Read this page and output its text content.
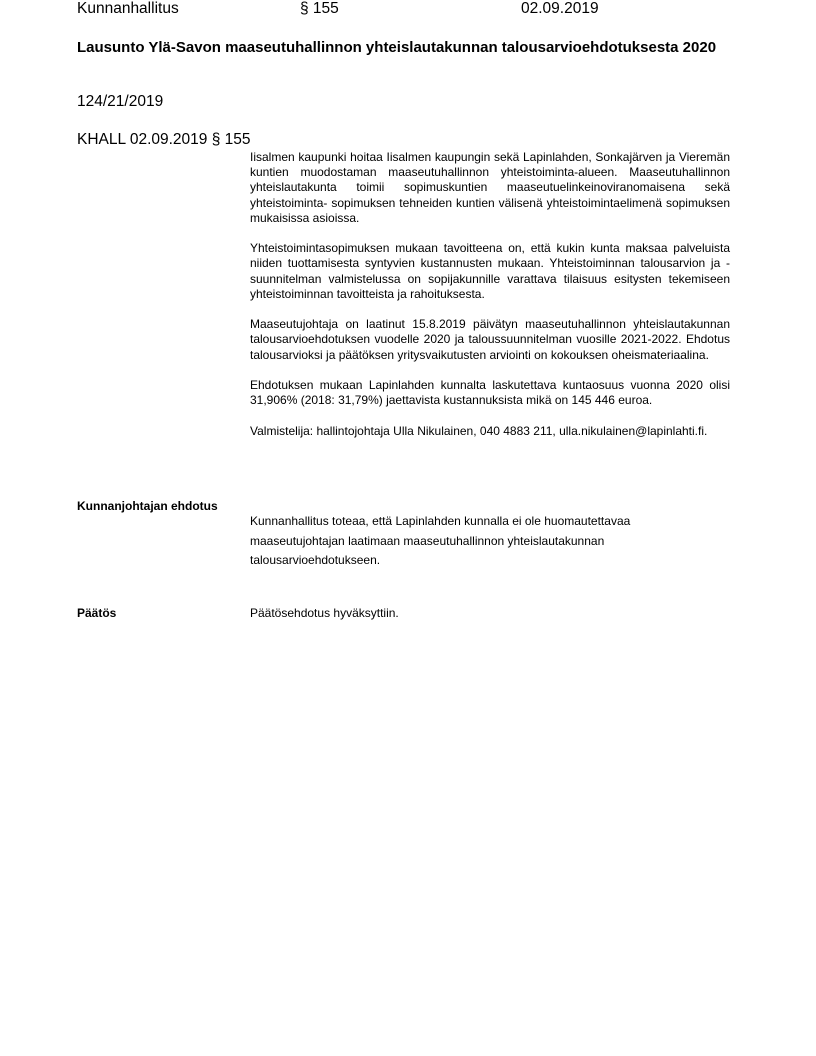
Kunnanhallitus	§ 155	02.09.2019
Lausunto Ylä-Savon maaseutuhallinnon yhteislautakunnan talousarvioehdotuksesta 2020
124/21/2019
KHALL 02.09.2019 § 155

Iisalmen kaupunki hoitaa Iisalmen kaupungin sekä Lapinlahden, Sonkajärven ja Vieremän kuntien muodostaman maaseutuhallinnon yhteistoiminta-alueen. Maaseutuhallinnon yhteislautakunta toimii sopimuskuntien maaseutuelinkeinoviranomaisena sekä yhteistoiminta- sopimuksen tehneiden kuntien välisenä yhteistoimintaelimenä sopimuksen mukaisissa asioissa.

Yhteistoimintasopimuksen mukaan tavoitteena on, että kukin kunta maksaa palveluista niiden tuottamisesta syntyvien kustannusten mukaan. Yhteistoiminnan talousarvion ja -suunnitelman valmistelussa on sopijakunnille varattava tilaisuus esitysten tekemiseen yhteistoiminnan tavoitteista ja rahoituksesta.

Maaseutujohtaja on laatinut 15.8.2019 päivätyn maaseutuhallinnon yhteislautakunnan talousarvioehdotuksen vuodelle 2020 ja taloussuunnitelman vuosille 2021-2022. Ehdotus talousarvioksi ja päätöksen yritysvaikutusten arviointi on kokouksen oheismateriaalina.

Ehdotuksen mukaan Lapinlahden kunnalta laskutettava kuntaosuus vuonna 2020 olisi 31,906% (2018: 31,79%) jaettavista kustannuksista mikä on 145 446 euroa.

Valmistelija: hallintojohtaja Ulla Nikulainen, 040 4883 211, ulla.nikulainen@lapinlahti.fi.

Kunnanjohtajan ehdotus
Kunnanhallitus toteaa, että Lapinlahden kunnalla ei ole huomautettavaa maaseutujohtajan laatimaan maaseutuhallinnon yhteislautakunnan talousarvioehdotukseen.
Päätös	Päätösehdotus hyväksyttiin.
